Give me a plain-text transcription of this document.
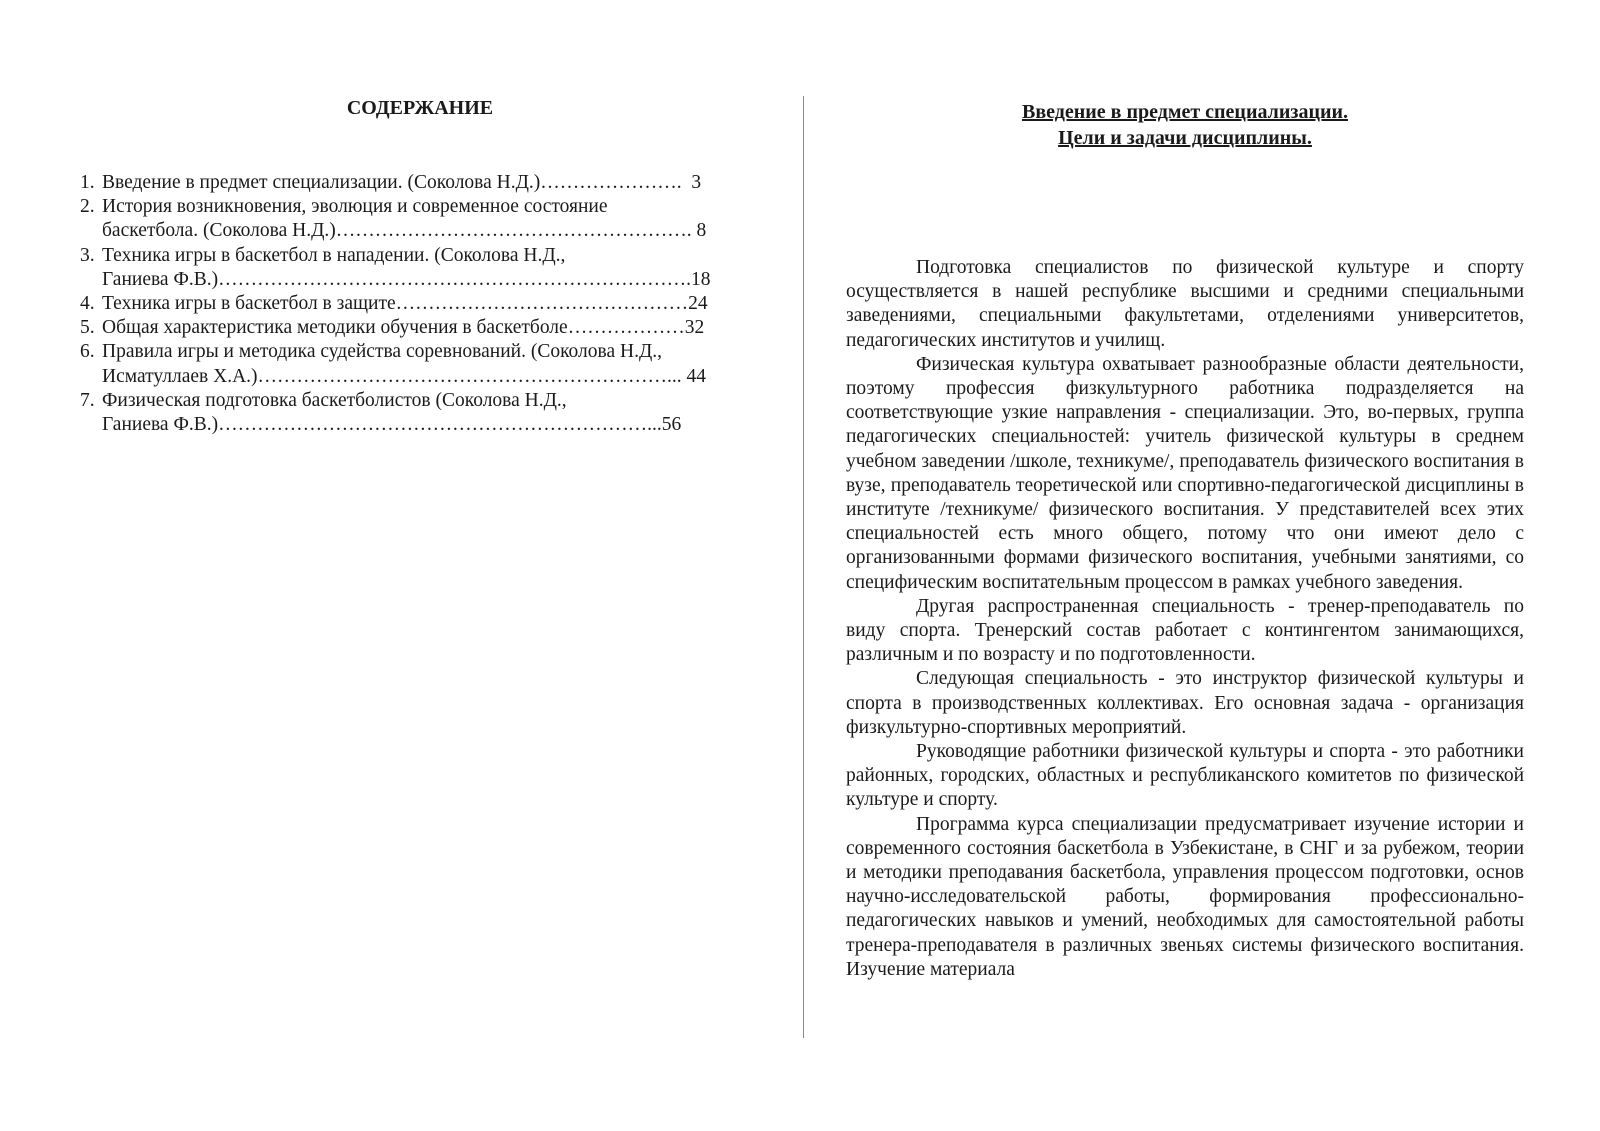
СОДЕРЖАНИЕ
1. Введение в предмет специализации. (Соколова Н.Д.)………………….  3
2. История возникновения, эволюция и современное состояние
баскетбола. (Соколова Н.Д.)………………………………………………. 8
3. Техника игры в баскетбол в нападении. (Соколова Н.Д.,
Ганиева Ф.В.)……………………………………………………………….18
4. Техника игры в баскетбол в защите………………………………………24
5. Общая характеристика методики обучения в баскетболе………………32
6. Правила игры и методика судейства соревнований. (Соколова Н.Д.,
Исматуллаев Х.А.)………………………………………………………... 44
7. Физическая подготовка баскетболистов (Соколова Н.Д.,
Ганиева Ф.В.)…………………………………………………………...56
Введение в предмет специализации.
Цели и задачи дисциплины.

Подготовка специалистов по физической культуре и спорту осуществляется в нашей республике высшими и средними специальными заведениями, специальными факультетами, отделениями университетов, педагогических институтов и училищ.

Физическая культура охватывает разнообразные области деятельности, поэтому профессия физкультурного работника подразделяется на соответствующие узкие направления - специализации. Это, во-первых, группа педагогических специальностей: учитель физической культуры в среднем учебном заведении /школе, техникуме/, преподаватель физического воспитания в вузе, преподаватель теоретической или спортивно-педагогической дисциплины в институте /техникуме/ физического воспитания. У представителей всех этих специальностей есть много общего, потому что они имеют дело с организованными формами физического воспитания, учебными занятиями, со специфическим воспитательным процессом в рамках учебного заведения.

Другая распространенная специальность - тренер-преподаватель по виду спорта. Тренерский состав работает с контингентом занимающихся, различным и по возрасту и по подготовленности.

Следующая специальность - это инструктор физической культуры и спорта в производственных коллективах. Его основная задача - организация физкультурно-спортивных мероприятий.

Руководящие работники физической культуры и спорта - это работники районных, городских, областных и республиканского комитетов по физической культуре и спорту.

Программа курса специализации предусматривает изучение истории и современного состояния баскетбола в Узбекистане, в СНГ и за рубежом, теории и методики преподавания баскетбола, управления процессом подготовки, основ научно-исследовательской работы, формирования профессионально-педагогических навыков и умений, необходимых для самостоятельной работы тренера-преподавателя в различных звеньях системы физического воспитания. Изучение материала
